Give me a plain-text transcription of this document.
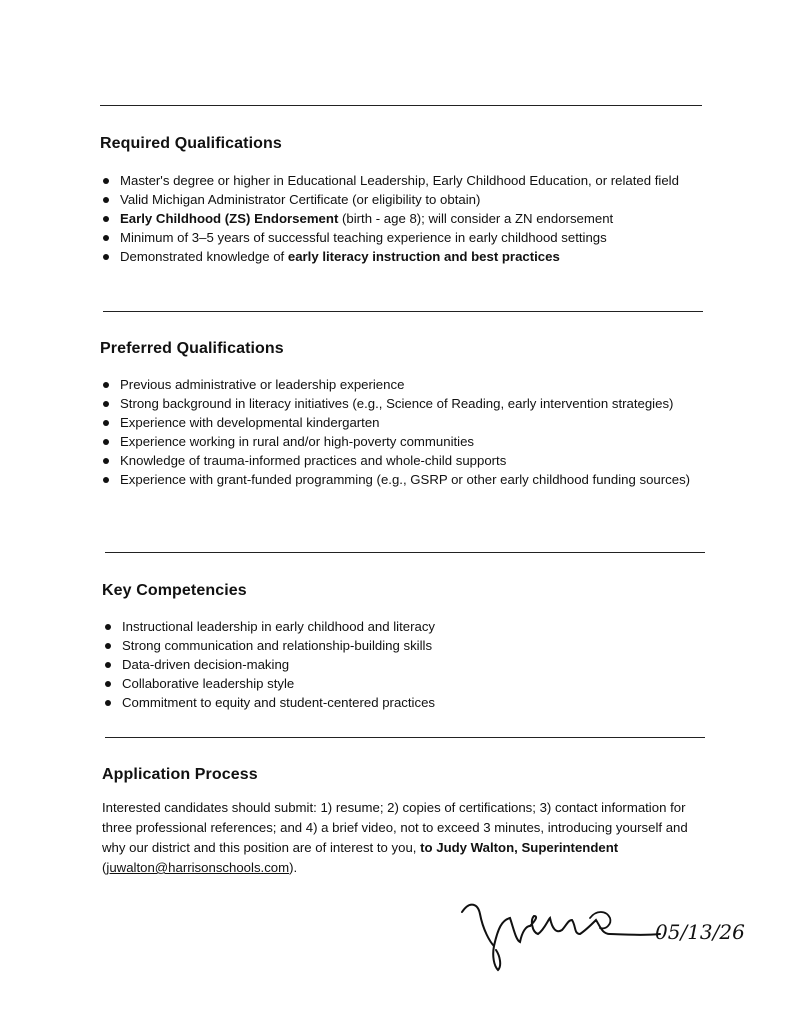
Required Qualifications
Master's degree or higher in Educational Leadership, Early Childhood Education, or related field
Valid Michigan Administrator Certificate (or eligibility to obtain)
Early Childhood (ZS) Endorsement (birth - age 8); will consider a ZN endorsement
Minimum of 3–5 years of successful teaching experience in early childhood settings
Demonstrated knowledge of early literacy instruction and best practices
Preferred Qualifications
Previous administrative or leadership experience
Strong background in literacy initiatives (e.g., Science of Reading, early intervention strategies)
Experience with developmental kindergarten
Experience working in rural and/or high-poverty communities
Knowledge of trauma-informed practices and whole-child supports
Experience with grant-funded programming (e.g., GSRP or other early childhood funding sources)
Key Competencies
Instructional leadership in early childhood and literacy
Strong communication and relationship-building skills
Data-driven decision-making
Collaborative leadership style
Commitment to equity and student-centered practices
Application Process

Interested candidates should submit: 1) resume; 2) copies of certifications; 3) contact information for three professional references; and 4) a brief video, not to exceed 3 minutes, introducing yourself and why our district and this position are of interest to you, to Judy Walton, Superintendent (juwalton@harrisonschools.com).

05/13/26
